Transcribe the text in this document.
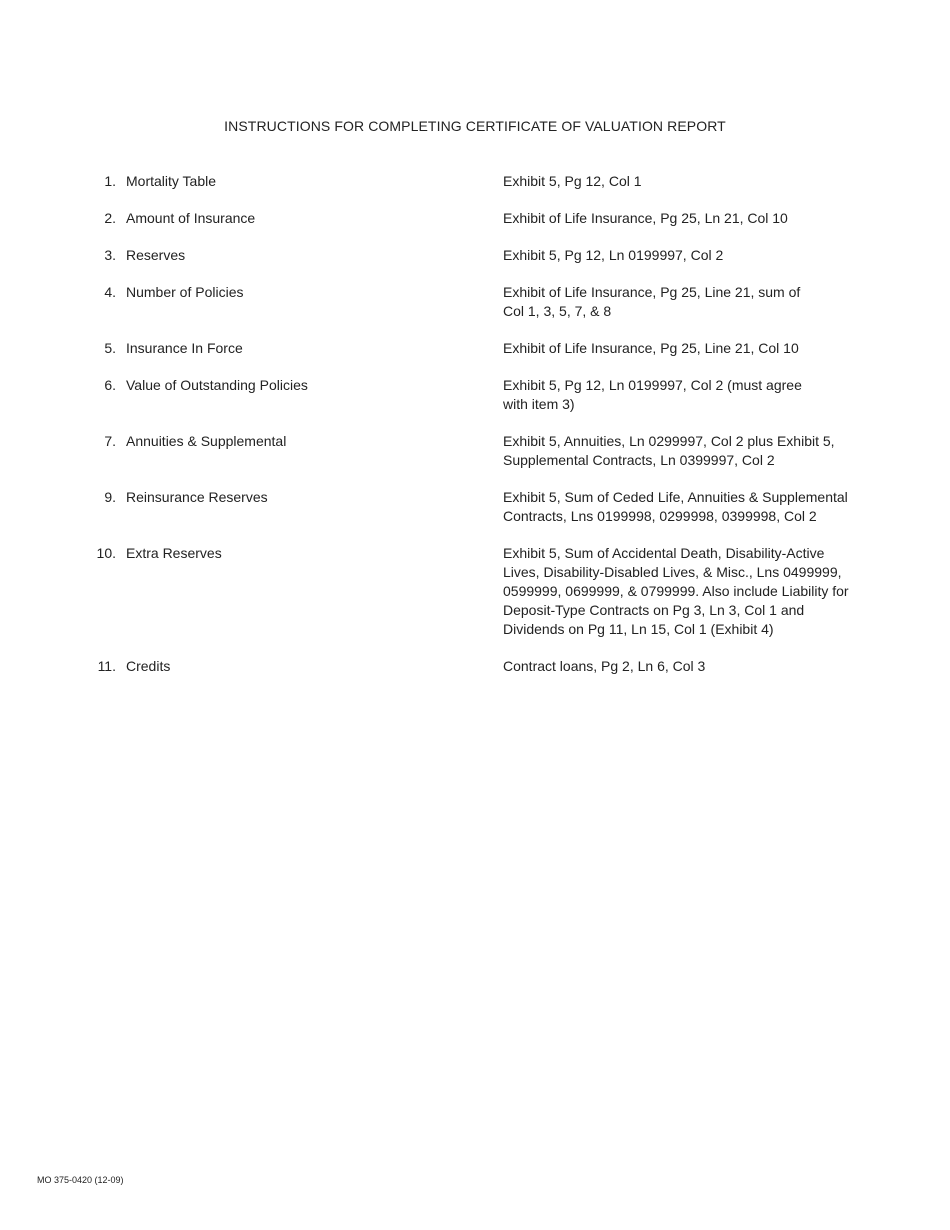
INSTRUCTIONS FOR COMPLETING CERTIFICATE OF VALUATION REPORT
1. Mortality Table	Exhibit 5, Pg 12, Col 1
2. Amount of Insurance	Exhibit of Life Insurance, Pg 25, Ln 21, Col 10
3. Reserves	Exhibit 5, Pg 12, Ln 0199997, Col 2
4. Number of Policies	Exhibit of Life Insurance, Pg 25, Line 21, sum of
Col 1, 3, 5, 7, & 8
5. Insurance In Force	Exhibit of Life Insurance, Pg 25, Line 21, Col 10
6. Value of Outstanding Policies	Exhibit 5, Pg 12, Ln 0199997, Col 2 (must agree
with item 3)
7. Annuities & Supplemental	Exhibit 5, Annuities, Ln 0299997, Col 2 plus Exhibit 5,
Supplemental Contracts, Ln 0399997, Col 2
9. Reinsurance Reserves	Exhibit 5, Sum of Ceded Life, Annuities & Supplemental
Contracts, Lns 0199998, 0299998, 0399998, Col 2
10. Extra Reserves	Exhibit 5, Sum of Accidental Death, Disability-Active
Lives, Disability-Disabled Lives, & Misc., Lns 0499999,
0599999, 0699999, & 0799999. Also include Liability for
Deposit-Type Contracts on Pg 3, Ln 3, Col 1 and
Dividends on Pg 11, Ln 15, Col 1 (Exhibit 4)
11. Credits	Contract loans, Pg 2, Ln 6, Col 3
MO 375-0420 (12-09)
